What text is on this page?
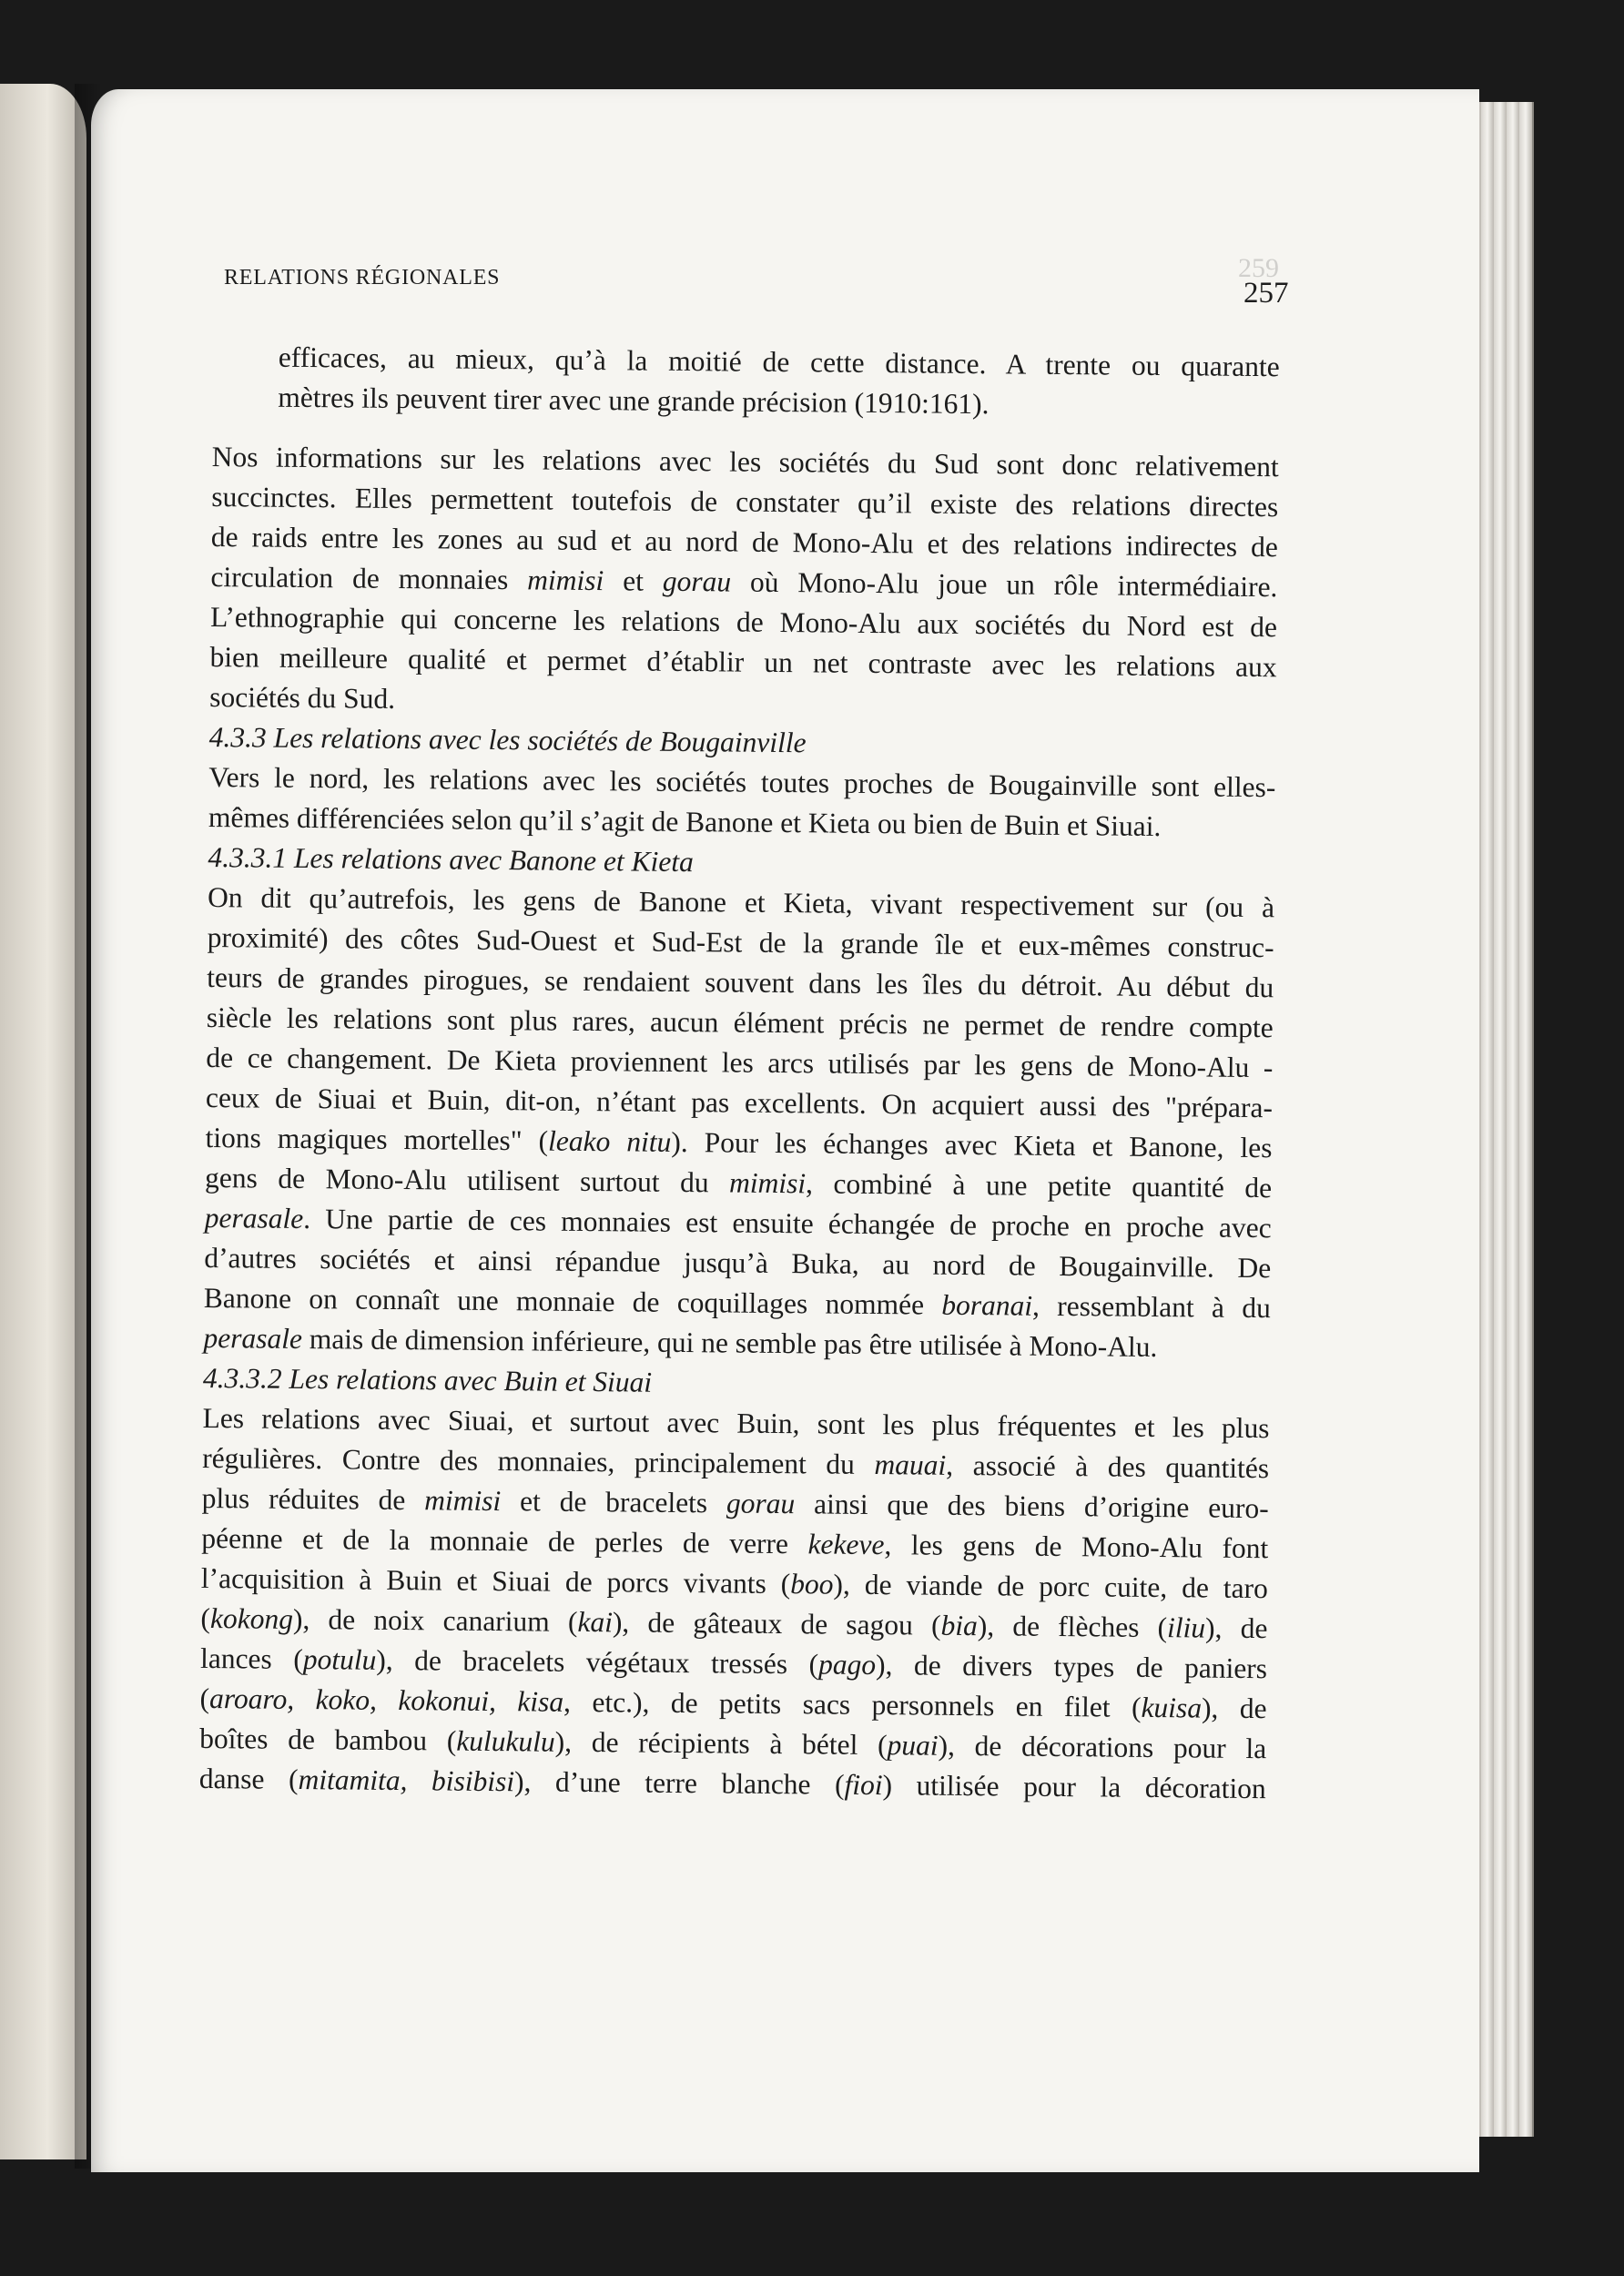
RELATIONS RÉGIONALES	259
257

efficaces, au mieux, qu’à la moitié de cette distance. A trente ou quarante
mètres ils peuvent tirer avec une grande précision (1910:161).

Nos informations sur les relations avec les sociétés du Sud sont donc relativement
succinctes. Elles permettent toutefois de constater qu’il existe des relations directes
de raids entre les zones au sud et au nord de Mono-Alu et des relations indirectes de
circulation de monnaies mimisi et gorau où Mono-Alu joue un rôle intermédiaire.
L’ethnographie qui concerne les relations de Mono-Alu aux sociétés du Nord est de
bien meilleure qualité et permet d’établir un net contraste avec les relations aux
sociétés du Sud.

4.3.3 Les relations avec les sociétés de Bougainville

Vers le nord, les relations avec les sociétés toutes proches de Bougainville sont elles-
mêmes différenciées selon qu’il s’agit de Banone et Kieta ou bien de Buin et Siuai.

4.3.3.1 Les relations avec Banone et Kieta

On dit qu’autrefois, les gens de Banone et Kieta, vivant respectivement sur (ou à
proximité) des côtes Sud-Ouest et Sud-Est de la grande île et eux-mêmes construc-
teurs de grandes pirogues, se rendaient souvent dans les îles du détroit. Au début du
siècle les relations sont plus rares, aucun élément précis ne permet de rendre compte
de ce changement. De Kieta proviennent les arcs utilisés par les gens de Mono-Alu -
ceux de Siuai et Buin, dit-on, n’étant pas excellents. On acquiert aussi des "prépara-
tions magiques mortelles" (leako nitu). Pour les échanges avec Kieta et Banone, les
gens de Mono-Alu utilisent surtout du mimisi, combiné à une petite quantité de
perasale. Une partie de ces monnaies est ensuite échangée de proche en proche avec
d’autres sociétés et ainsi répandue jusqu’à Buka, au nord de Bougainville. De
Banone on connaît une monnaie de coquillages nommée boranai, ressemblant à du
perasale mais de dimension inférieure, qui ne semble pas être utilisée à Mono-Alu.

4.3.3.2 Les relations avec Buin et Siuai

Les relations avec Siuai, et surtout avec Buin, sont les plus fréquentes et les plus
régulières. Contre des monnaies, principalement du mauai, associé à des quantités
plus réduites de mimisi et de bracelets gorau ainsi que des biens d’origine euro-
péenne et de la monnaie de perles de verre kekeve, les gens de Mono-Alu font
l’acquisition à Buin et Siuai de porcs vivants (boo), de viande de porc cuite, de taro
(kokong), de noix canarium (kai), de gâteaux de sagou (bia), de flèches (iliu), de
lances (potulu), de bracelets végétaux tressés (pago), de divers types de paniers
(aroaro, koko, kokonui, kisa, etc.), de petits sacs personnels en filet (kuisa), de
boîtes de bambou (kulukulu), de récipients à bétel (puai), de décorations pour la
danse (mitamita, bisibisi), d’une terre blanche (fioi) utilisée pour la décoration
